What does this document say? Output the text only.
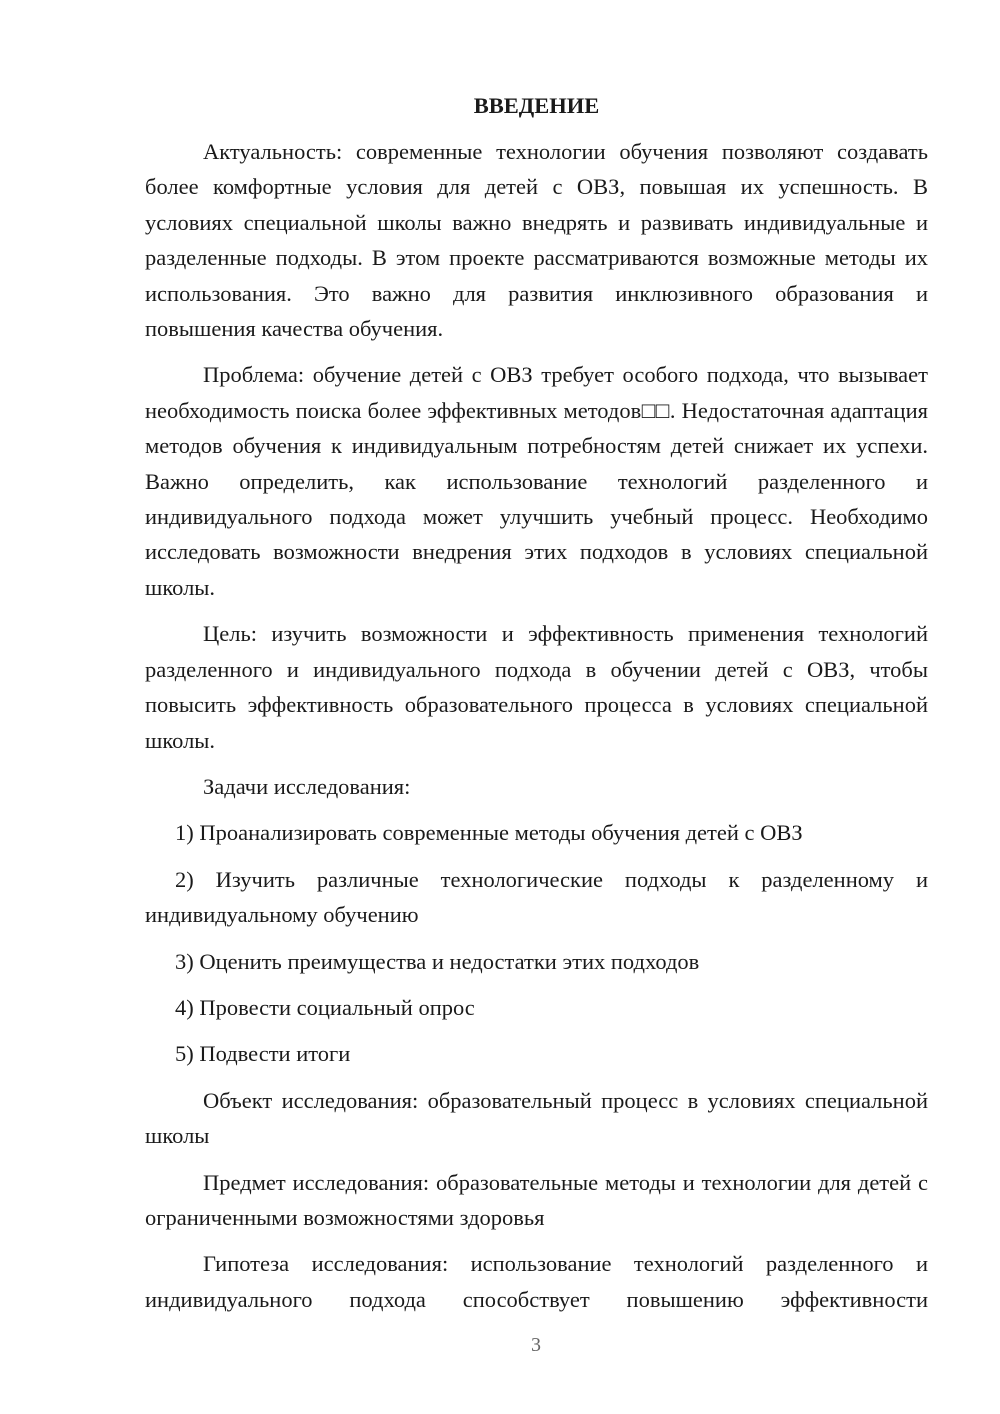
ВВЕДЕНИЕ

Актуальность: современные технологии обучения позволяют создавать более комфортные условия для детей с ОВЗ, повышая их успешность. В условиях специальной школы важно внедрять и развивать индивидуальные и разделенные подходы. В этом проекте рассматриваются возможные методы их использования. Это важно для развития инклюзивного образования и повышения качества обучения.

Проблема: обучение детей с ОВЗ требует особого подхода, что вызывает необходимость поиска более эффективных методов□□. Недостаточная адаптация методов обучения к индивидуальным потребностям детей снижает их успехи. Важно определить, как использование технологий разделенного и индивидуального подхода может улучшить учебный процесс. Необходимо исследовать возможности внедрения этих подходов в условиях специальной школы.

Цель: изучить возможности и эффективность применения технологий разделенного и индивидуального подхода в обучении детей с ОВЗ, чтобы повысить эффективность образовательного процесса в условиях специальной школы.

Задачи исследования:

1) Проанализировать современные методы обучения детей с ОВЗ

2) Изучить различные технологические подходы к разделенному и индивидуальному обучению

3) Оценить преимущества и недостатки этих подходов

4) Провести социальный опрос

5) Подвести итоги

Объект исследования: образовательный процесс в условиях специальной школы

Предмет исследования: образовательные методы и технологии для детей с ограниченными возможностями здоровья

Гипотеза исследования: использование технологий разделенного и индивидуального подхода способствует повышению эффективности

3
